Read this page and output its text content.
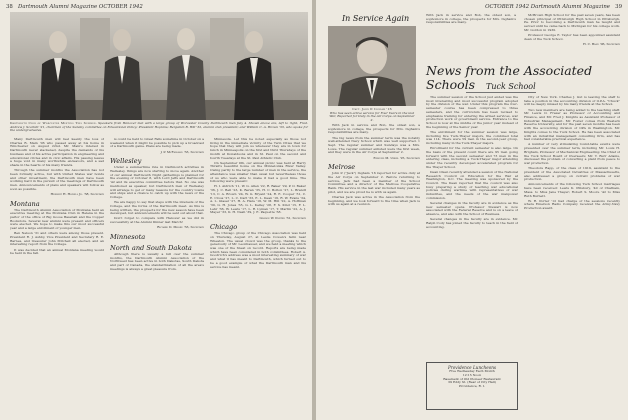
38 Dartmouth Alumni Magazine OCTOBER 1942
Dartmouth Club of Worcester Meeting This Summer. Speakers from Hanover met with a large group of Worcester County Dartmouth men July 4. Shown above are, left to right, Fred. Andrew J. Scarlett '21, chairman of the Sunday committee on Educational Policy; President Hopkins; Benjamin B. Hill '32, alumni club president; and William C. A. Brown '33, who spoke for the undergraduates.

Many Dartmouth men will feel keenly the loss of Charles B. Main '06 who passed away at his home in Winchester on August 22nd. Mr. Main's interest in Dartmouth never slackened, despite the demands of his business and of his active participation in engineering and educational circles and in civic affairs. His passing leaves a huge void in many worthwhile endeavors, and a sad shade in the hearts of his many friends.

Through the summer months the Association has not been formally active, but with United States war bonds and other investment, the Dartmouth men have been working hard in the pursuit of the meetings of Dartmouth men. Announcements of plans and speakers will follow as soon as possible.

Herbert H. Howell Jr. '38, Secretary
Montana

The Dartmouth Alumni Association of Montana held an executive meeting at the Montana Club in Helena in the parlor of the office of Big Goose Baseball and the Copper Bookstore. Several new alumni were present and officers were elected. We hope to make this our most successful year and a large enrollment of younger men.

Ben Nelson '31 and others were among those present. President R. J. Ashby, Vice President and Secretary R. E. Barnes, and treasurer John Mitchell all elected, and an interesting report from the College.

It was decided that an annual Montana meeting would be held in the fall.

is could be held to Great Falls sometime in October on a weekend when it might be possible to pick up a broadcast of a Dartmouth game. Plans are being made.

J. P. McFarland '33, Secretary
Wellesley

Under a summertime rule in Dartmouth activities in Wellesley, things are now starting to move again. Another of our annual Dartmouth Night gatherings is planned for the evening of October 8, with Lord Jeffs and Dartmouth '42 and its executive committee before that. No one was mentioned as speaker, but Dartmouth men of Wellesley will arrange to get or many reasons for the country towns and ships and a chance to catch up with the news of the College.

We are happy to say that steps with the interests of the College, and the forms of the Dartmouth meet. As this is being written, the prospects for the new season have been developed, but announcements will be sent out about that.

Don't forget to compare with Hanover as we did in successfully at the Alumni Dinner last March!

Richard D. Moore '33, Secretary
Minnesota
North and South Dakota

Although there is usually a lull over the summer months, the Dartmouth Alumni Association of the Northwest has been active in both Dakotas, South Dakota and part of Canada, the standardization of all the area's meetings is always a great pleasure from.

Minnesota. Let this be noted especially as those not living in the immediate vicinity of the Twin Cities that we hope that they will join us whenever they are in town for lunch in Minneapolis on the first and third Thursdays of the month at Donaldsons and in St. Paul on the second and fourth Tuesdays at the St. Paul Athletic Club.

On September 9th, our annual picnic was held at Harry Thrall's beautiful home on the Minnetonka River Valley. Owing partly to the large number of men in the service, the attendance was smaller than usual but nevertheless those of us who were able to make it had a good time. The following were present:

H. I. Aldrich '11, W. G. Allen '22, R. Baker '29, P. O. Baker '36, J. C. Bell '23, K. Beran '35, H. C. Bolton '27, L. Brandt '13, C. A. Brown '24, W. G. Bryant '24, R. E. Cooper '31, C. E. Cross '27, L. C. Dart '33, E. L. Dean '16, R. W. Evans '34, A. L. Glaser '27, H. A. Hare '16, W. M. Hill '22, A. Hoffman '30, G. H. Jones '35, G. L. Kelley '28, F. S. Kind '15, F. L. Lehr '36, W. Lewis '17, L. R. Lyman '17, T. Martin '22, A. J. Mayer '33, K. H. Nash '39, J. E. Paquette '38.

George W. Porter '31, Secretary
Chicago

The Chicago group of the Chicago Association was held on Thursday, August 27, at Leslie Cowen's farm near Wheaton. The usual crowd was the group, thanks to the generosity of Mr. Leonhauser, and we held a meeting which was one of the finest on record. Reports are being made which have been considered in both committees. Robert A. Goodrich's address was a most interesting summary of war and what it has meant to Dartmouth, which turned out to be a good example of what the Dartmouth man and his service has meant.

OCTOBER 1942 Dartmouth Alumni Magazine 39
In Service Again
Capt. John P. Ingham '16
Who has seen active service for Four Years in the last War, Reported for Duty in the Air Corps on September 2.

With Jack in service and Bob, the oldest son, a sophomore in college, the prospects for Mrs. Ingham's responsibilities are many.

The big news from the summer term was the notably well-attended Navy School which was well supported. 1 Sept. The regular summer and Sundays was a Mrs. Lowe. The regular summer enlisted were the first week, and they were in the Air Corps at September 2.

Edmund M. Urbel '25, Secretary
Melrose

John P. ("Jack") Ingham '16 reported for active duty at the Air Corps on September 2. Before returning to service, Jack had been a member of the School Committee and a director of the Melrose Cooperative Bank. His service in the last war included many years as pilot, and we are proud he is with us again.

Charles Jack was active in the Association from the beginning, and we look forward to the time when Jack is with us again at a reunion.

With Jack in service and Bob, the oldest son, a sophomore in college, the prospects for Mrs. Ingham's responsibilities are many.

McBrown High School for the past seven years, has been chosen principal of Pittsburgh High School in Pittsburgh, Pa. Prior to becoming a Dartmouth man he taught and served until he came back to Michigan for his college work. Mr. Gordon in 1930.

Professor George E. Taylor has been appointed assistant dean of the Tuck School.

H. C. Bean '06, Secretary
News from the Associated Schools	Tuck School

The summer session of the School just ended was the most interesting and most successful program adopted by the division of the war. Under this program the four-semester course has been compressed to three semesters, and the curriculum has been revised to emphasize training for entering the armed services, war production work or government service. Entrance to the School is now at the middle of the junior year instead of the beginning of the Senior year.

The enrollment for the summer session was large, including five Tuck-Thayer majors, the combined total was 114. There were 59 men in the second-year group, including many in the Tuck-Thayer majors.

Enrollment for the current semester is also large. On the basis of the present count there are 95 men going forward with the second semester and 73 men in the entering class, including a Tuck-Thayer major attending under the recently developed accelerated program for the Thayer School.

Dean Olsen recently attended a session of the National Research Council on Education for the War at Washington, D.C. The meeting was sponsored by the Council. The Dean reported that the council was also busy preparing a study of teaching war educational policies during wartime with representatives of war industries, and the needs of the war manpower commission.

Several changes in the faculty are in evidence as the new semester opens. Professor Stewart is now associated with the Federal Reserve and is on a leave of absence, and also with the School of Business.

Several changes in the faculty are in evidence. Mr. Ralph Cody has joined the faculty to teach in the field of accounting.

City of New York. Charles J. Gut is leaving the staff to take a position in the accounting division of O.P.A. "Chuck" will be deeply missed by his many friends at the School.

Two new members are being added to the teaching staff. Mr. Lewis O. Frazer as Professor of Accounting and Finance, and Mr. Fred J. Knights as Assistant Professor of Industrial Management. Mr. Foster comes from Western Reserve University, and for the past seven months has been with the accounting division of OPA in Washington. Mr. Knights comes to the Tuck School. He has been associated with an industrial management consulting firm, and has had considerable practical experience.

A number of very stimulating round-table events were presented over the summer term, including Mr. Louis H. Brigham, Professor of Mechanical Engineering; the Chief of the Tuck School Board of Overseers; Mr. T. Burr Adams, discussed the problem of converting a plant from peace to war production.

Theodore Rapp, of the class of 1919, assistant to the president of the Associated Industries of Massachusetts, also addressed a group on current problems of war production.

Announcements of the following Tuck School marriages have been received: Lewis K. Pillsbury, '40 of Chatham, Mass. to Miss Jane Thayer; Robert S. Moore '42 to Miss Ruth Burnett.

W. R. Porter '12 had charge of the sessions recently where Emerson Radio Company received the Army-Navy Production award.

Providence Luncheons
Five Wednesday Each Month
12:15 Noon
Basement of Old Pioneer Restaurant
39 Eddy St. (Rear of City Hall)
Providence, R. I.
